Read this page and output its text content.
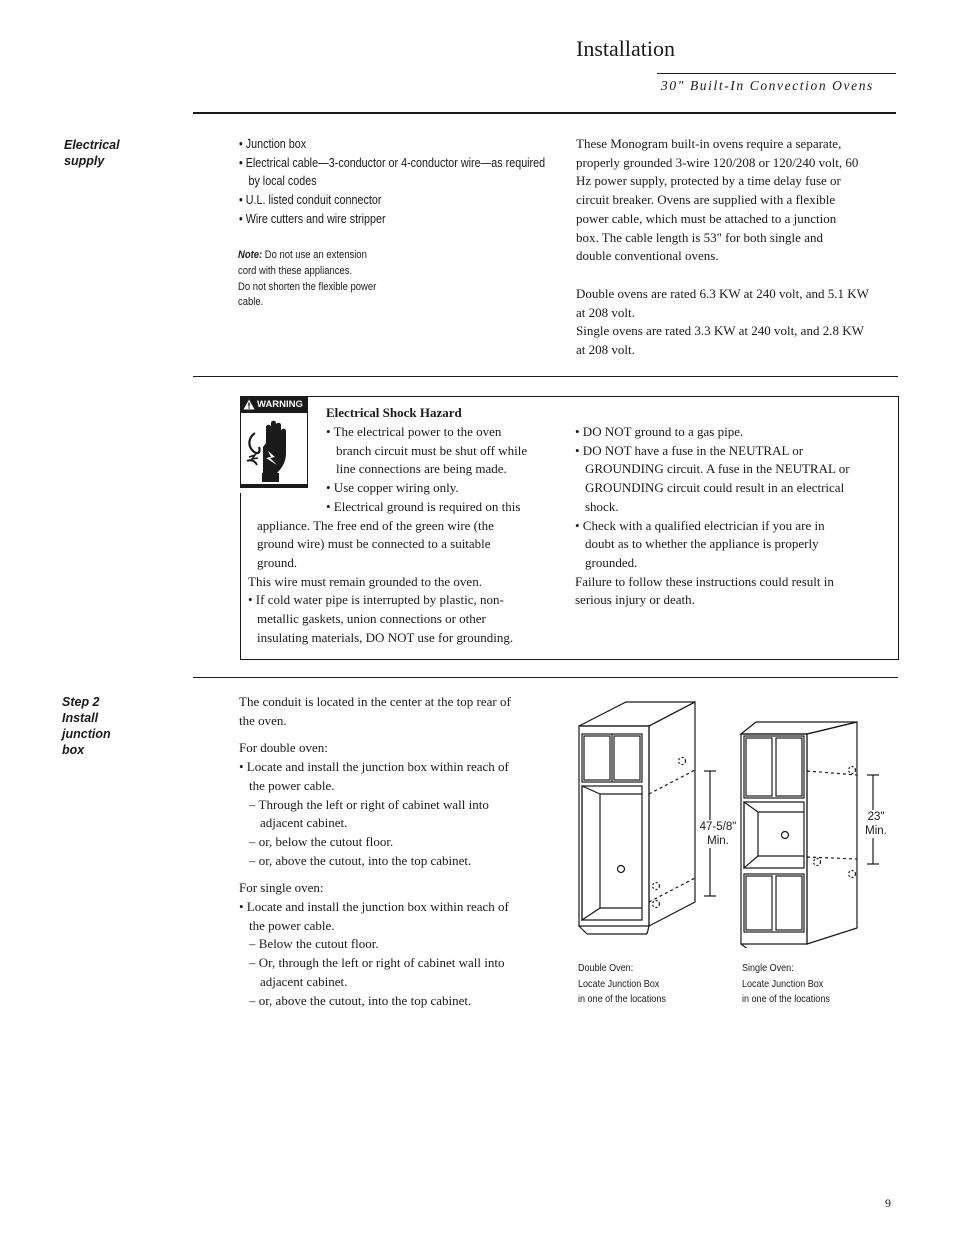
Installation
30" Built-In Convection Ovens
Electrical
supply
• Junction box
• Electrical cable—3-conductor or 4-conductor wire—as required
by local codes
• U.L. listed conduit connector
• Wire cutters and wire stripper
Note: Do not use an extension
cord with these appliances.
Do not shorten the flexible power
cable.

These Monogram built-in ovens require a separate,

properly grounded 3-wire 120/208 or 120/240 volt, 60

Hz power supply, protected by a time delay fuse or

circuit breaker. Ovens are supplied with a flexible

power cable, which must be attached to a junction

box. The cable length is 53" for both single and

double conventional ovens.

Double ovens are rated 6.3 KW at 240 volt, and 5.1 KW

at 208 volt.

Single ovens are rated 3.3 KW at 240 volt, and 2.8 KW

at 208 volt.

WARNING
Electrical Shock Hazard

• The electrical power to the oven

branch circuit must be shut off while

line connections are being made.

• Use copper wiring only.

• Electrical ground is required on this

appliance. The free end of the green wire (the

ground wire) must be connected to a suitable

ground.

This wire must remain grounded to the oven.

• If cold water pipe is interrupted by plastic, non-

metallic gaskets, union connections or other

insulating materials, DO NOT use for grounding.

• DO NOT ground to a gas pipe.

• DO NOT have a fuse in the NEUTRAL or

GROUNDING circuit. A fuse in the NEUTRAL or

GROUNDING circuit could result in an electrical

shock.

• Check with a qualified electrician if you are in

doubt as to whether the appliance is properly

grounded.

Failure to follow these instructions could result in

serious injury or death.

Step 2
Install
junction
box

The conduit is located in the center at the top rear of

the oven.

For double oven:

• Locate and install the junction box within reach of

the power cable.

– Through the left or right of cabinet wall into

adjacent cabinet.

– or, below the cutout floor.

– or, above the cutout, into the top cabinet.

For single oven:

• Locate and install the junction box within reach of

the power cable.

– Below the cutout floor.

– Or, through the left or right of cabinet wall into

adjacent cabinet.

– or, above the cutout, into the top cabinet.

47-5/8"
Min.
23"
Min.
Double Oven:
Locate Junction Box
in one of the locations
Single Oven:
Locate Junction Box
in one of the locations
9
